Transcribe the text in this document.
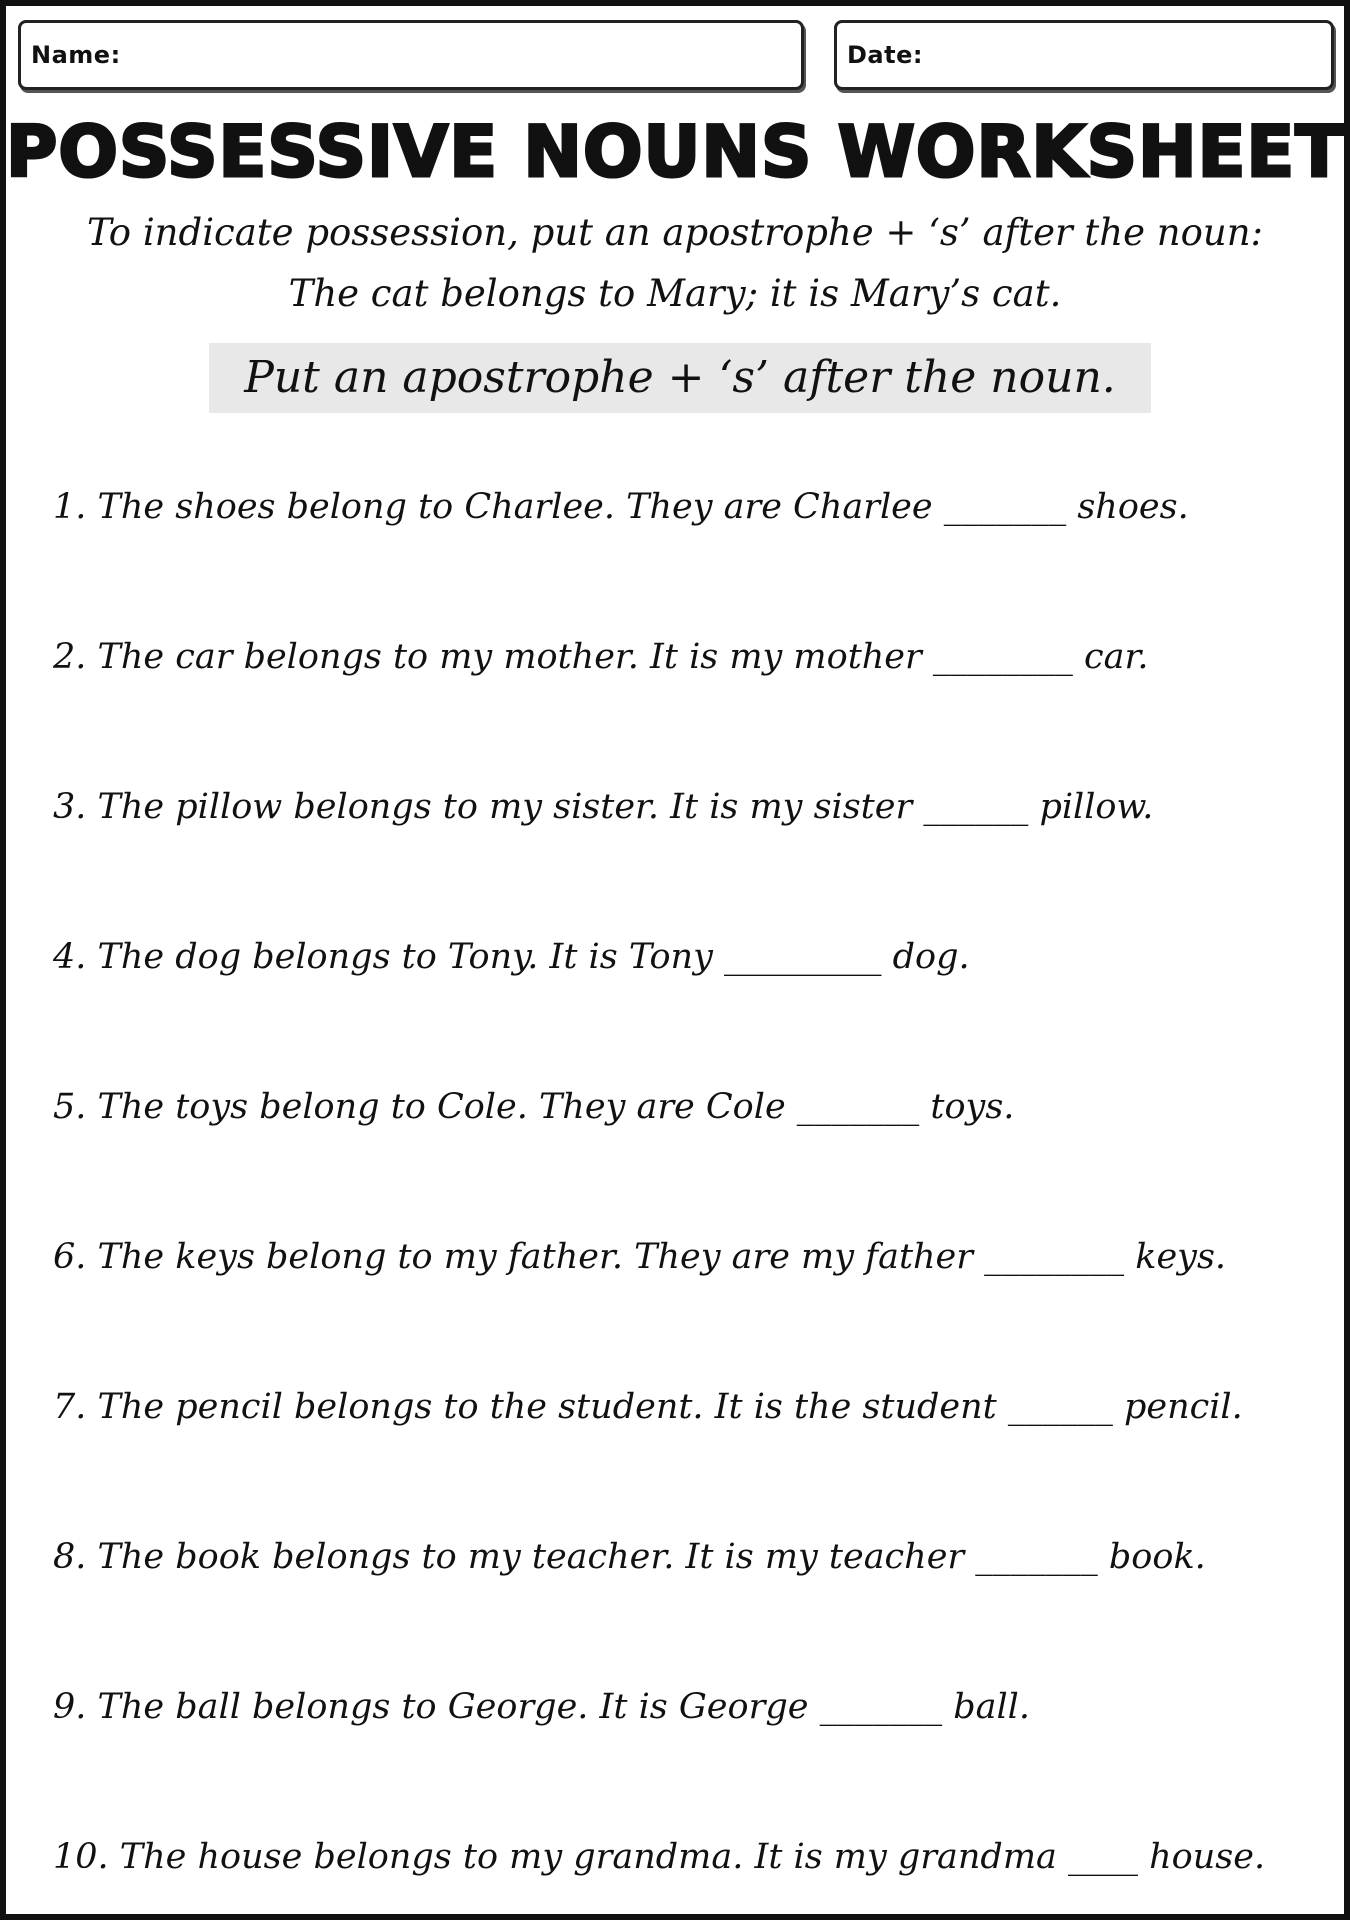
Name:	Date:
POSSESSIVE NOUNS WORKSHEET
To indicate possession, put an apostrophe + ‘s’ after the noun:
The cat belongs to Mary; it is Mary’s cat.
Put an apostrophe + ‘s’ after the noun.
1. The shoes belong to Charlee. They are Charlee _______ shoes.
2. The car belongs to my mother. It is my mother ________ car.
3. The pillow belongs to my sister. It is my sister ______ pillow.
4. The dog belongs to Tony. It is Tony _________ dog.
5. The toys belong to Cole. They are Cole _______ toys.
6. The keys belong to my father. They are my father ________ keys.
7. The pencil belongs to the student. It is the student ______ pencil.
8. The book belongs to my teacher. It is my teacher _______ book.
9. The ball belongs to George. It is George _______ ball.
10. The house belongs to my grandma. It is my grandma ____ house.
